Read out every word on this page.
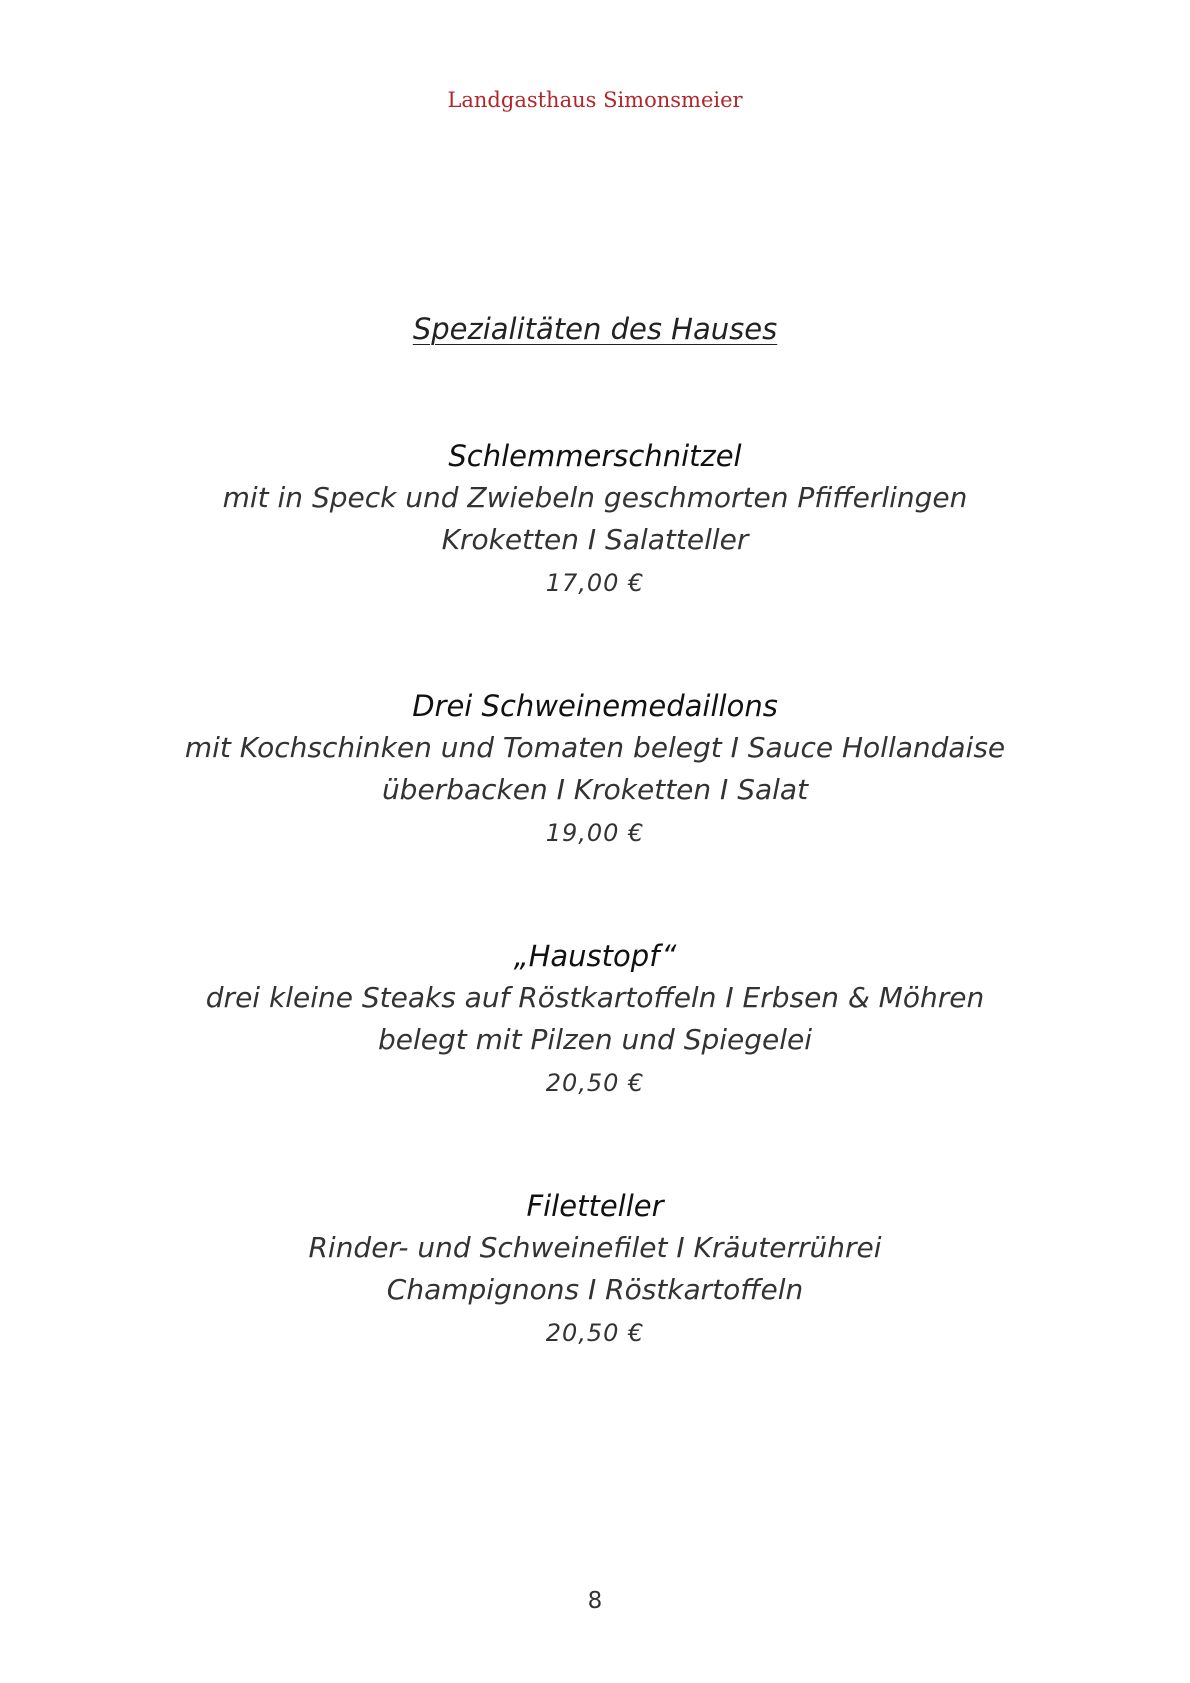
Landgasthaus Simonsmeier
Spezialitäten des Hauses
Schlemmerschnitzel
mit in Speck und Zwiebeln geschmorten Pfifferlingen
Kroketten I Salatteller
17,00 €
Drei Schweinemedaillons
mit Kochschinken und Tomaten belegt I Sauce Hollandaise
überbacken I Kroketten I Salat
19,00 €
„Haustopf“
drei kleine Steaks auf Röstkartoffeln I Erbsen & Möhren
belegt mit Pilzen und Spiegelei
20,50 €
Filetteller
Rinder- und Schweinefilet I Kräuterrührei
Champignons I Röstkartoffeln
20,50 €
8
